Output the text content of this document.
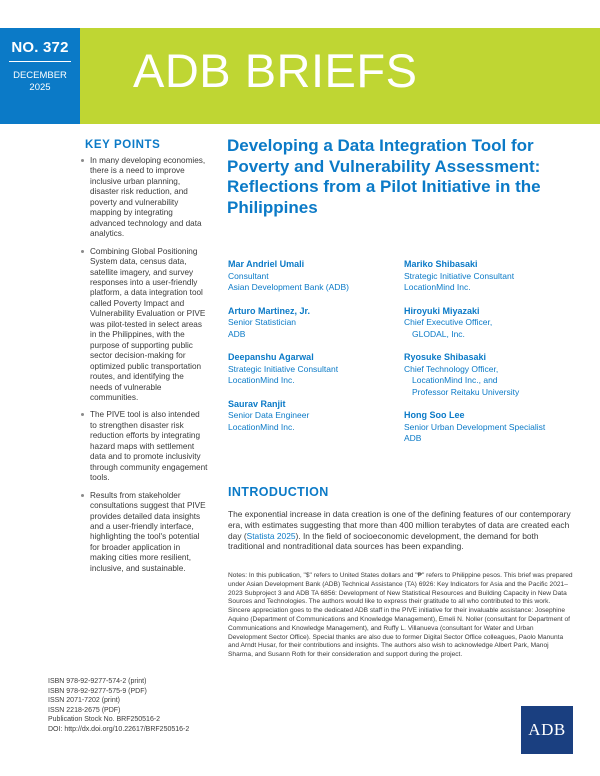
NO. 372
DECEMBER
2025	ADB BRIEFS
KEY POINTS
In many developing economies, there is a need to improve inclusive urban planning, disaster risk reduction, and poverty and vulnerability mapping by integrating advanced technology and data analytics.
Combining Global Positioning System data, census data, satellite imagery, and survey responses into a user-friendly platform, a data integration tool called Poverty Impact and Vulnerability Evaluation or PIVE was pilot-tested in select areas in the Philippines, with the purpose of supporting public sector decision-making for optimized public transportation routes, and identifying the needs of vulnerable communities.
The PIVE tool is also intended to strengthen disaster risk reduction efforts by integrating hazard maps with settlement data and to promote inclusivity through community engagement tools.
Results from stakeholder consultations suggest that PIVE provides detailed data insights and a user-friendly interface, highlighting the tool's potential for broader application in making cities more resilient, inclusive, and sustainable.
ISBN 978-92-9277-574-2 (print)
ISBN 978-92-9277-575-9 (PDF)
ISSN 2071-7202 (print)
ISSN 2218-2675 (PDF)
Publication Stock No. BRF250516-2
DOI: http://dx.doi.org/10.22617/BRF250516-2
Developing a Data Integration Tool for Poverty and Vulnerability Assessment: Reflections from a Pilot Initiative in the Philippines
Mar Andriel Umali
Consultant
Asian Development Bank (ADB)
Arturo Martinez, Jr.
Senior Statistician
ADB
Deepanshu Agarwal
Strategic Initiative Consultant
LocationMind Inc.
Saurav Ranjit
Senior Data Engineer
LocationMind Inc.
Mariko Shibasaki
Strategic Initiative Consultant
LocationMind Inc.
Hiroyuki Miyazaki
Chief Executive Officer,
GLODAL, Inc.
Ryosuke Shibasaki
Chief Technology Officer,
LocationMind Inc., and
Professor Reitaku University
Hong Soo Lee
Senior Urban Development Specialist
ADB
INTRODUCTION

The exponential increase in data creation is one of the defining features of our contemporary era, with estimates suggesting that more than 400 million terabytes of data are created each day (Statista 2025). In the field of socioeconomic development, the demand for both traditional and nontraditional data sources has been expanding.

Notes: In this publication, "$" refers to United States dollars and "₱" refers to Philippine pesos. This brief was prepared under Asian Development Bank (ADB) Technical Assistance (TA) 6926: Key Indicators for Asia and the Pacific 2021–2023 Subproject 3 and ADB TA 6856: Development of New Statistical Resources and Building Capacity in New Data Sources and Technologies. The authors would like to express their gratitude to all who contributed to this work. Sincere appreciation goes to the dedicated ADB staff in the PIVE initiative for their invaluable assistance: Josephine Aquino (Department of Communications and Knowledge Management), Emeli N. Noller (consultant for Department of Communications and Knowledge Management), and Ruffy L. Villanueva (consultant for Water and Urban Development Sector Office). Special thanks are also due to former Digital Sector Office colleagues, Paolo Manunta and Arndt Husar, for their contributions and insights. The authors also wish to acknowledge Albert Park, Manoj Sharma, and Susann Roth for their consideration and support during the project.

ADB
